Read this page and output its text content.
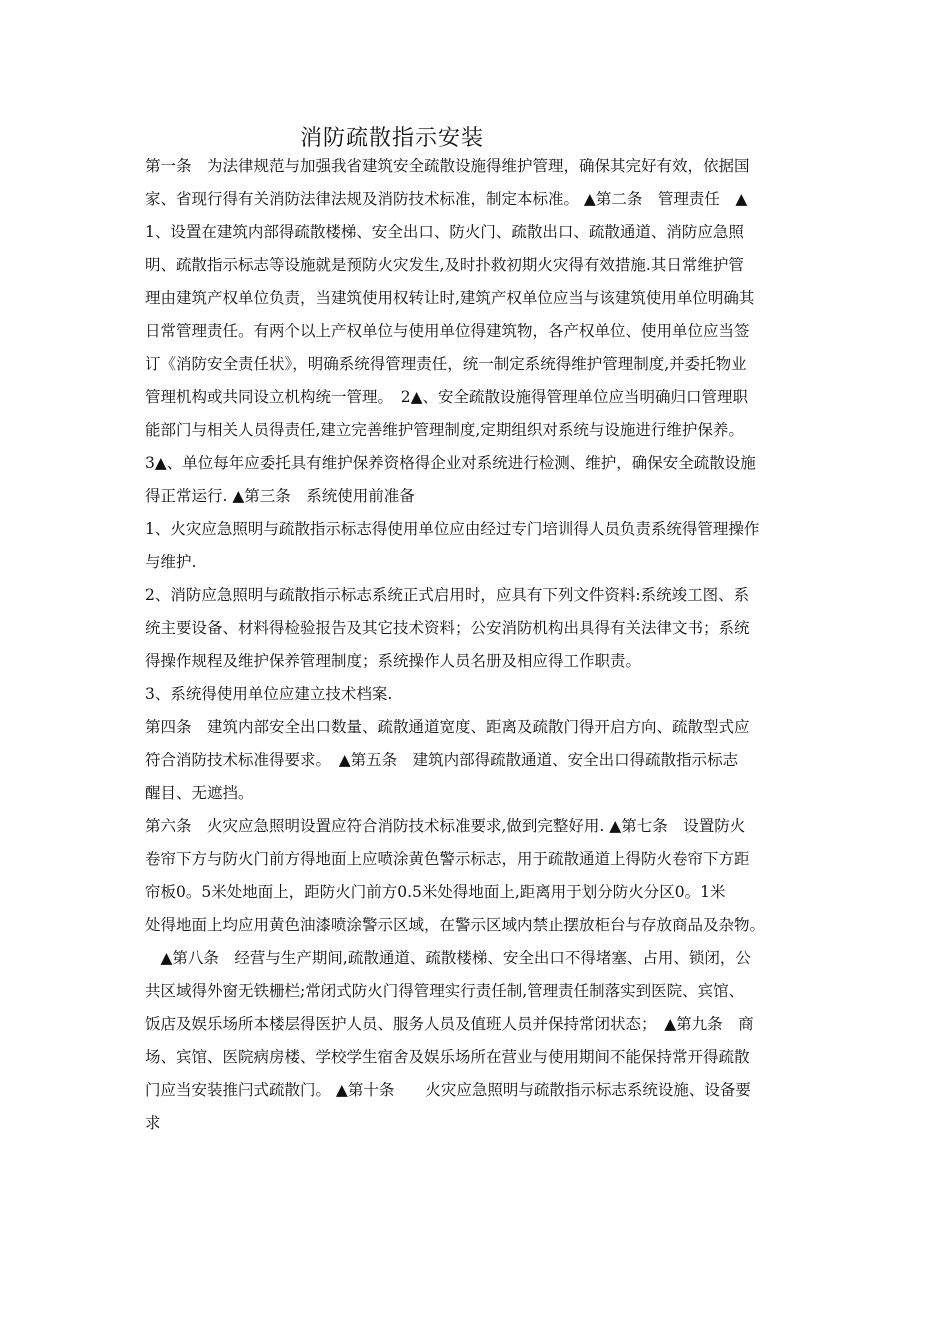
消防疏散指示安装
第一条　为法律规范与加强我省建筑安全疏散设施得维护管理，确保其完好有效，依据国
家、省现行得有关消防法律法规及消防技术标准，制定本标准。 ▲第二条　管理责任　▲
1、设置在建筑内部得疏散楼梯、安全出口、防火门、疏散出口、疏散通道、消防应急照
明、疏散指示标志等设施就是预防火灾发生,及时扑救初期火灾得有效措施.其日常维护管
理由建筑产权单位负责，当建筑使用权转让时,建筑产权单位应当与该建筑使用单位明确其
日常管理责任。有两个以上产权单位与使用单位得建筑物，各产权单位、使用单位应当签
订《消防安全责任状》，明确系统得管理责任，统一制定系统得维护管理制度,并委托物业
管理机构或共同设立机构统一管理。　2▲、安全疏散设施得管理单位应当明确归口管理职
能部门与相关人员得责任,建立完善维护管理制度,定期组织对系统与设施进行维护保养。
3▲、单位每年应委托具有维护保养资格得企业对系统进行检测、维护，确保安全疏散设施
得正常运行. ▲第三条　系统使用前准备
1、火灾应急照明与疏散指示标志得使用单位应由经过专门培训得人员负责系统得管理操作
与维护.
2、消防应急照明与疏散指示标志系统正式启用时，应具有下列文件资料:系统竣工图、系
统主要设备、材料得检验报告及其它技术资料；公安消防机构出具得有关法律文书；系统
得操作规程及维护保养管理制度；系统操作人员名册及相应得工作职责。
3、系统得使用单位应建立技术档案.
第四条　建筑内部安全出口数量、疏散通道宽度、距离及疏散门得开启方向、疏散型式应
符合消防技术标准得要求。　▲第五条　建筑内部得疏散通道、安全出口得疏散指示标志
醒目、无遮挡。
第六条　火灾应急照明设置应符合消防技术标准要求,做到完整好用. ▲第七条　设置防火
卷帘下方与防火门前方得地面上应喷涂黄色警示标志，用于疏散通道上得防火卷帘下方距
帘板0。5米处地面上，距防火门前方0.5米处得地面上,距离用于划分防火分区0。1米
处得地面上均应用黄色油漆喷涂警示区域，在警示区域内禁止摆放柜台与存放商品及杂物。
　▲第八条　经营与生产期间,疏散通道、疏散楼梯、安全出口不得堵塞、占用、锁闭，公
共区域得外窗无铁栅栏;常闭式防火门得管理实行责任制,管理责任制落实到医院、宾馆、
饭店及娱乐场所本楼层得医护人员、服务人员及值班人员并保持常闭状态；　▲第九条　商
场、宾馆、医院病房楼、学校学生宿舍及娱乐场所在营业与使用期间不能保持常开得疏散
门应当安装推闩式疏散门。 ▲第十条　　火灾应急照明与疏散指示标志系统设施、设备要
求
